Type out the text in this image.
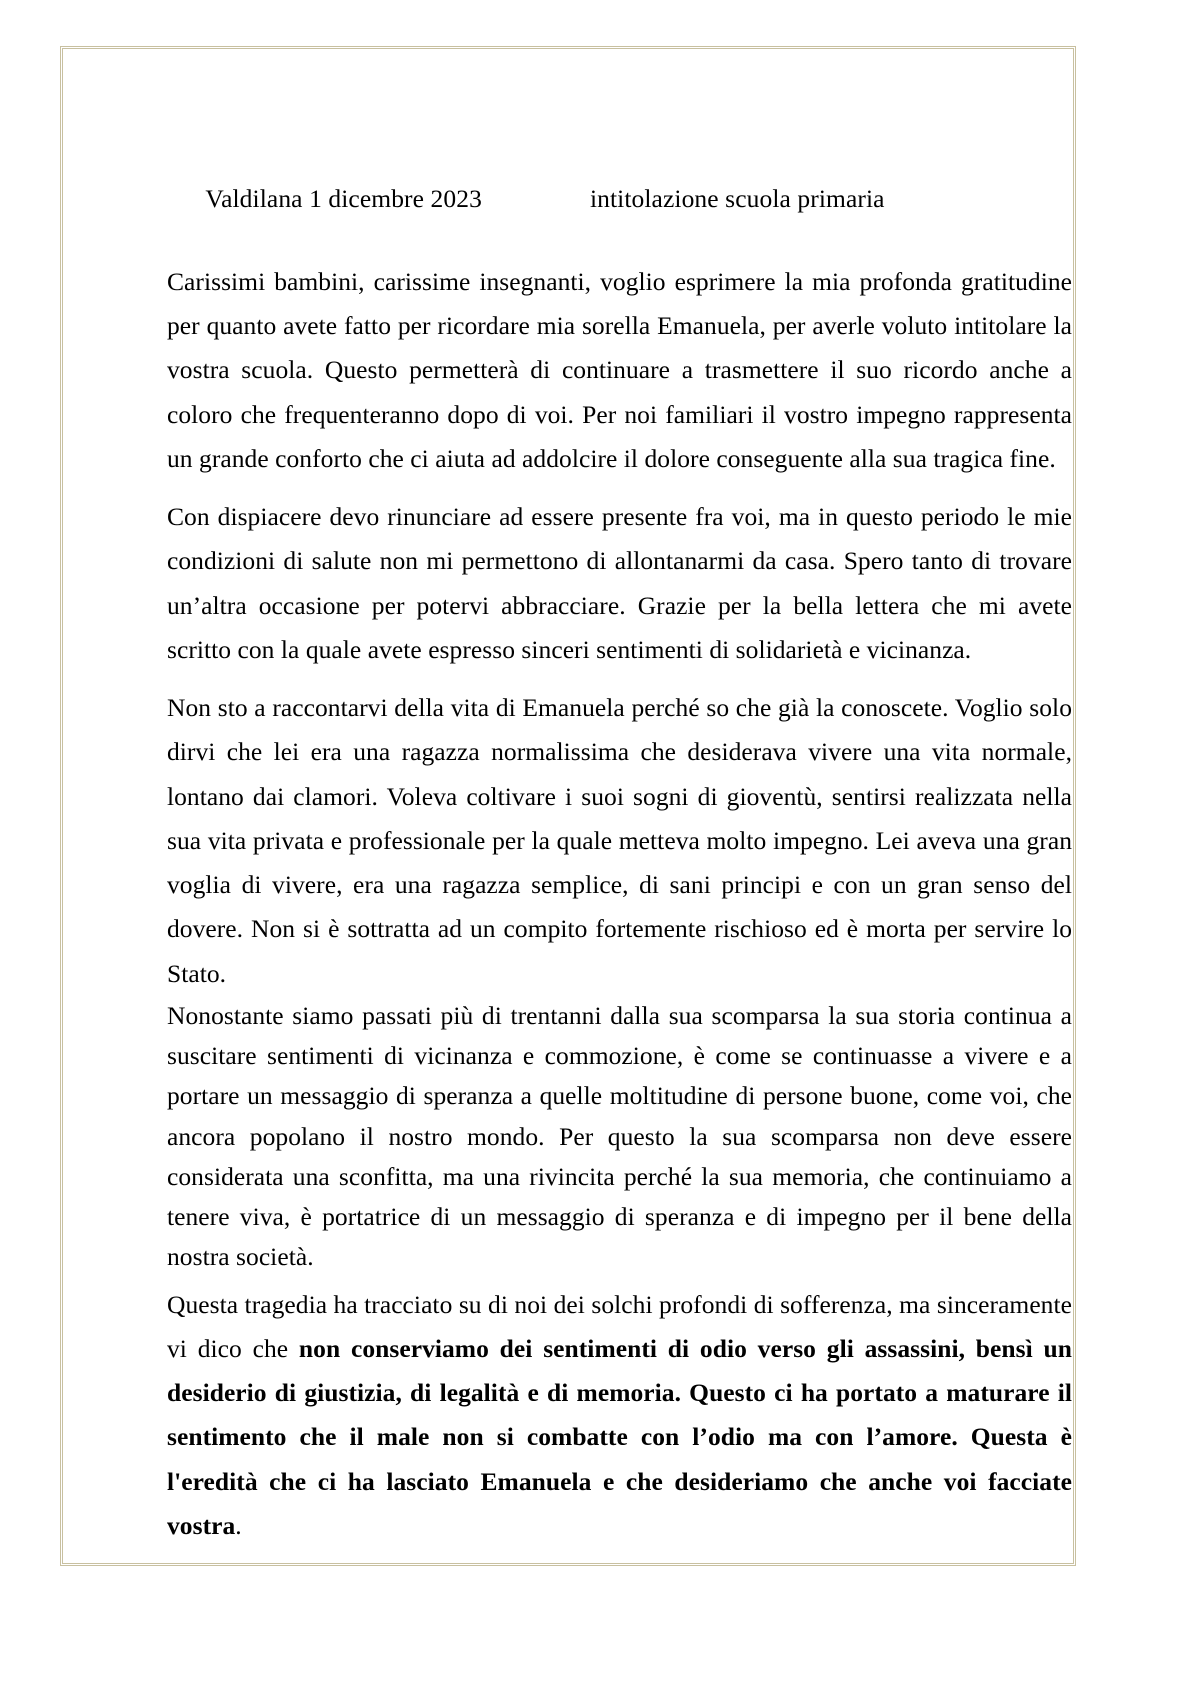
Valdilana 1 dicembre 2023	intitolazione scuola primaria

Carissimi bambini, carissime insegnanti, voglio esprimere la mia profonda gratitudine per quanto avete fatto per ricordare mia sorella Emanuela, per averle voluto intitolare la vostra scuola. Questo permetterà di continuare a trasmettere il suo ricordo anche a coloro che frequenteranno dopo di voi. Per noi familiari il vostro impegno rappresenta un grande conforto che ci aiuta ad addolcire il dolore conseguente alla sua tragica fine.

Con dispiacere devo rinunciare ad essere presente fra voi, ma in questo periodo le mie condizioni di salute non mi permettono di allontanarmi da casa. Spero tanto di trovare un’altra occasione per potervi abbracciare. Grazie per la bella lettera che mi avete scritto con la quale avete espresso sinceri sentimenti di solidarietà e vicinanza.

Non sto a raccontarvi della vita di Emanuela perché so che già la conoscete. Voglio solo dirvi che lei era una ragazza normalissima che desiderava vivere una vita normale, lontano dai clamori. Voleva coltivare i suoi sogni di gioventù, sentirsi realizzata nella sua vita privata e professionale per la quale metteva molto impegno. Lei aveva una gran voglia di vivere, era una ragazza semplice, di sani principi e con un gran senso del dovere. Non si è sottratta ad un compito fortemente rischioso ed è morta per servire lo Stato.

Nonostante siamo passati più di trentanni dalla sua scomparsa la sua storia continua a suscitare sentimenti di vicinanza e commozione, è come se continuasse a vivere e a portare un messaggio di speranza a quelle moltitudine di persone buone, come voi, che ancora popolano il nostro mondo. Per questo la sua scomparsa non deve essere considerata una sconfitta, ma una rivincita perché la sua memoria, che continuiamo a tenere viva, è portatrice di un messaggio di speranza e di impegno per il bene della nostra società.

Questa tragedia ha tracciato su di noi dei solchi profondi di sofferenza, ma sinceramente vi dico che non conserviamo dei sentimenti di odio verso gli assassini, bensì un desiderio di giustizia, di legalità e di memoria. Questo ci ha portato a maturare il sentimento che il male non si combatte con l’odio ma con l’amore. Questa è l'eredità che ci ha lasciato Emanuela e che desideriamo che anche voi facciate vostra.
